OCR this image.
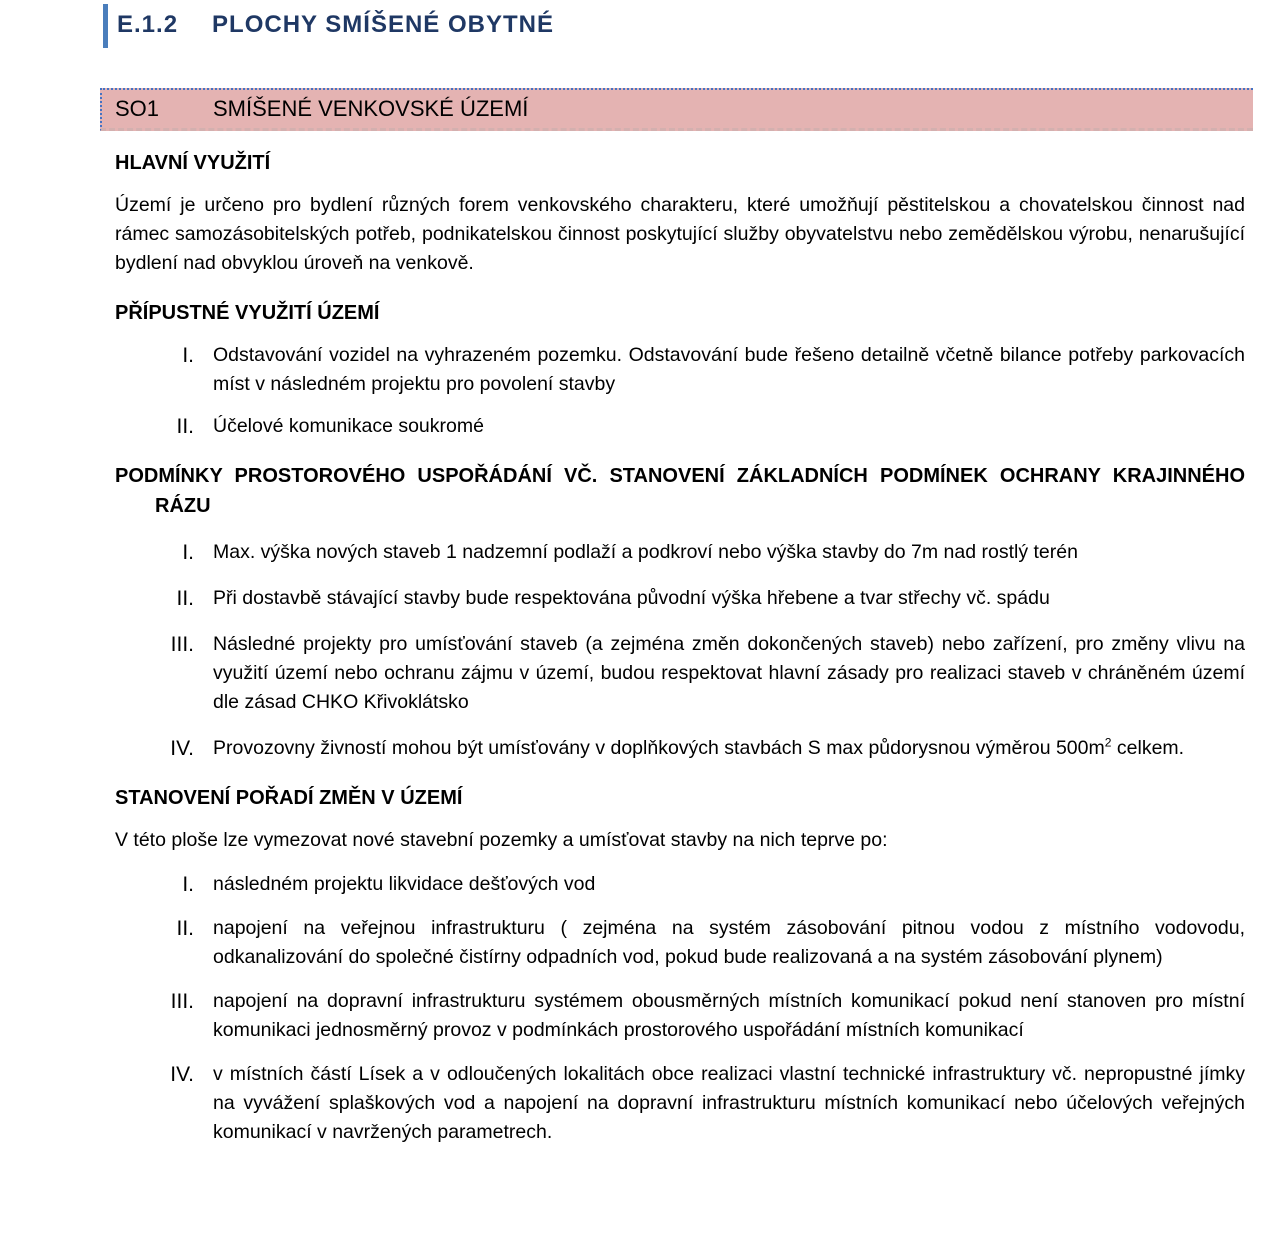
E.1.2 PLOCHY SMÍŠENÉ OBYTNÉ
SO1 SMÍŠENÉ VENKOVSKÉ ÚZEMÍ
HLAVNÍ VYUŽITÍ

Území je určeno pro bydlení různých forem venkovského charakteru, které umožňují pěstitelskou a chovatelskou činnost nad rámec samozásobitelských potřeb, podnikatelskou činnost poskytující služby obyvatelstvu nebo zemědělskou výrobu, nenarušující bydlení nad obvyklou úroveň na venkově.

PŘÍPUSTNÉ VYUŽITÍ ÚZEMÍ
I. Odstavování vozidel na vyhrazeném pozemku. Odstavování bude řešeno detailně včetně bilance potřeby parkovacích míst v následném projektu pro povolení stavby
II. Účelové komunikace soukromé
PODMÍNKY PROSTOROVÉHO USPOŘÁDÁNÍ VČ. STANOVENÍ ZÁKLADNÍCH PODMÍNEK OCHRANY KRAJINNÉHO RÁZU
I. Max. výška nových staveb 1 nadzemní podlaží a podkroví nebo výška stavby do 7m nad rostlý terén
II. Při dostavbě stávající stavby bude respektována původní výška hřebene a tvar střechy vč. spádu
III. Následné projekty pro umísťování staveb (a zejména změn dokončených staveb) nebo zařízení, pro změny vlivu na využití území nebo ochranu zájmu v území, budou respektovat hlavní zásady pro realizaci staveb v chráněném území dle zásad CHKO Křivoklátsko
IV. Provozovny živností mohou být umísťovány v doplňkových stavbách S max půdorysnou výměrou $500m^2$ celkem.
STANOVENÍ POŘADÍ ZMĚN V ÚZEMÍ

V této ploše lze vymezovat nové stavební pozemky a umísťovat stavby na nich teprve po:

I. následném projektu likvidace dešťových vod
II. napojení na veřejnou infrastrukturu ( zejména na systém zásobování pitnou vodou z místního vodovodu, odkanalizování do společné čistírny odpadních vod, pokud bude realizovaná a na systém zásobování plynem)
III. napojení na dopravní infrastrukturu systémem obousměrných místních komunikací pokud není stanoven pro místní komunikaci jednosměrný provoz v podmínkách prostorového uspořádání místních komunikací
IV. v místních částí Lísek a v odloučených lokalitách obce realizaci vlastní technické infrastruktury vč. nepropustné jímky na vyvážení splaškových vod a napojení na dopravní infrastrukturu místních komunikací nebo účelových veřejných komunikací v navržených parametrech.
